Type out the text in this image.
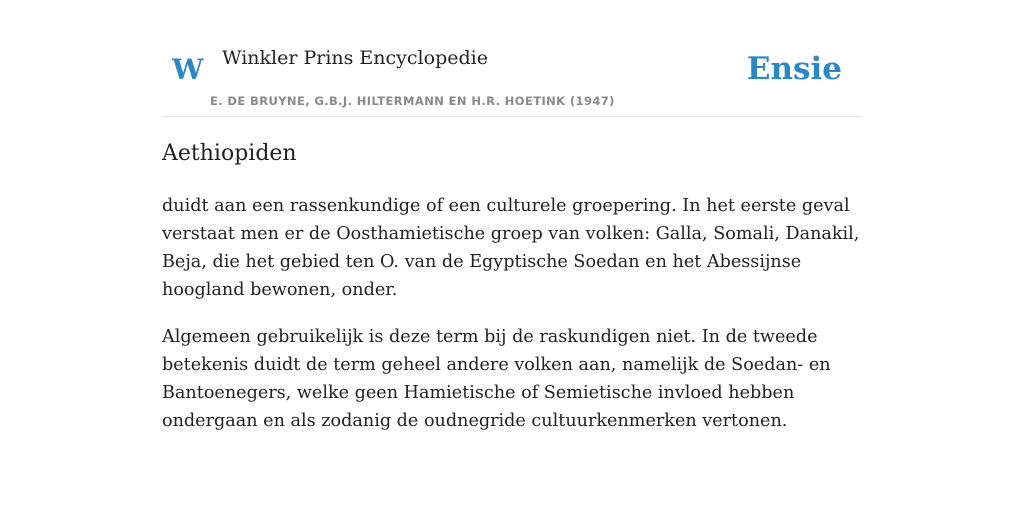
W Winkler Prins Encyclopedie
E. DE BRUYNE, G.B.J. HILTERMANN EN H.R. HOETINK (1947)
Ensie
Aethiopiden

duidt aan een rassenkundige of een culturele groepering. In het eerste geval verstaat men er de Oosthamietische groep van volken: Galla, Somali, Danakil, Beja, die het gebied ten O. van de Egyptische Soedan en het Abessijnse hoogland bewonen, onder.

Algemeen gebruikelijk is deze term bij de raskundigen niet. In de tweede betekenis duidt de term geheel andere volken aan, namelijk de Soedan- en Bantoenegers, welke geen Hamietische of Semietische invloed hebben ondergaan en als zodanig de oudnegride cultuurkenmerken vertonen.
